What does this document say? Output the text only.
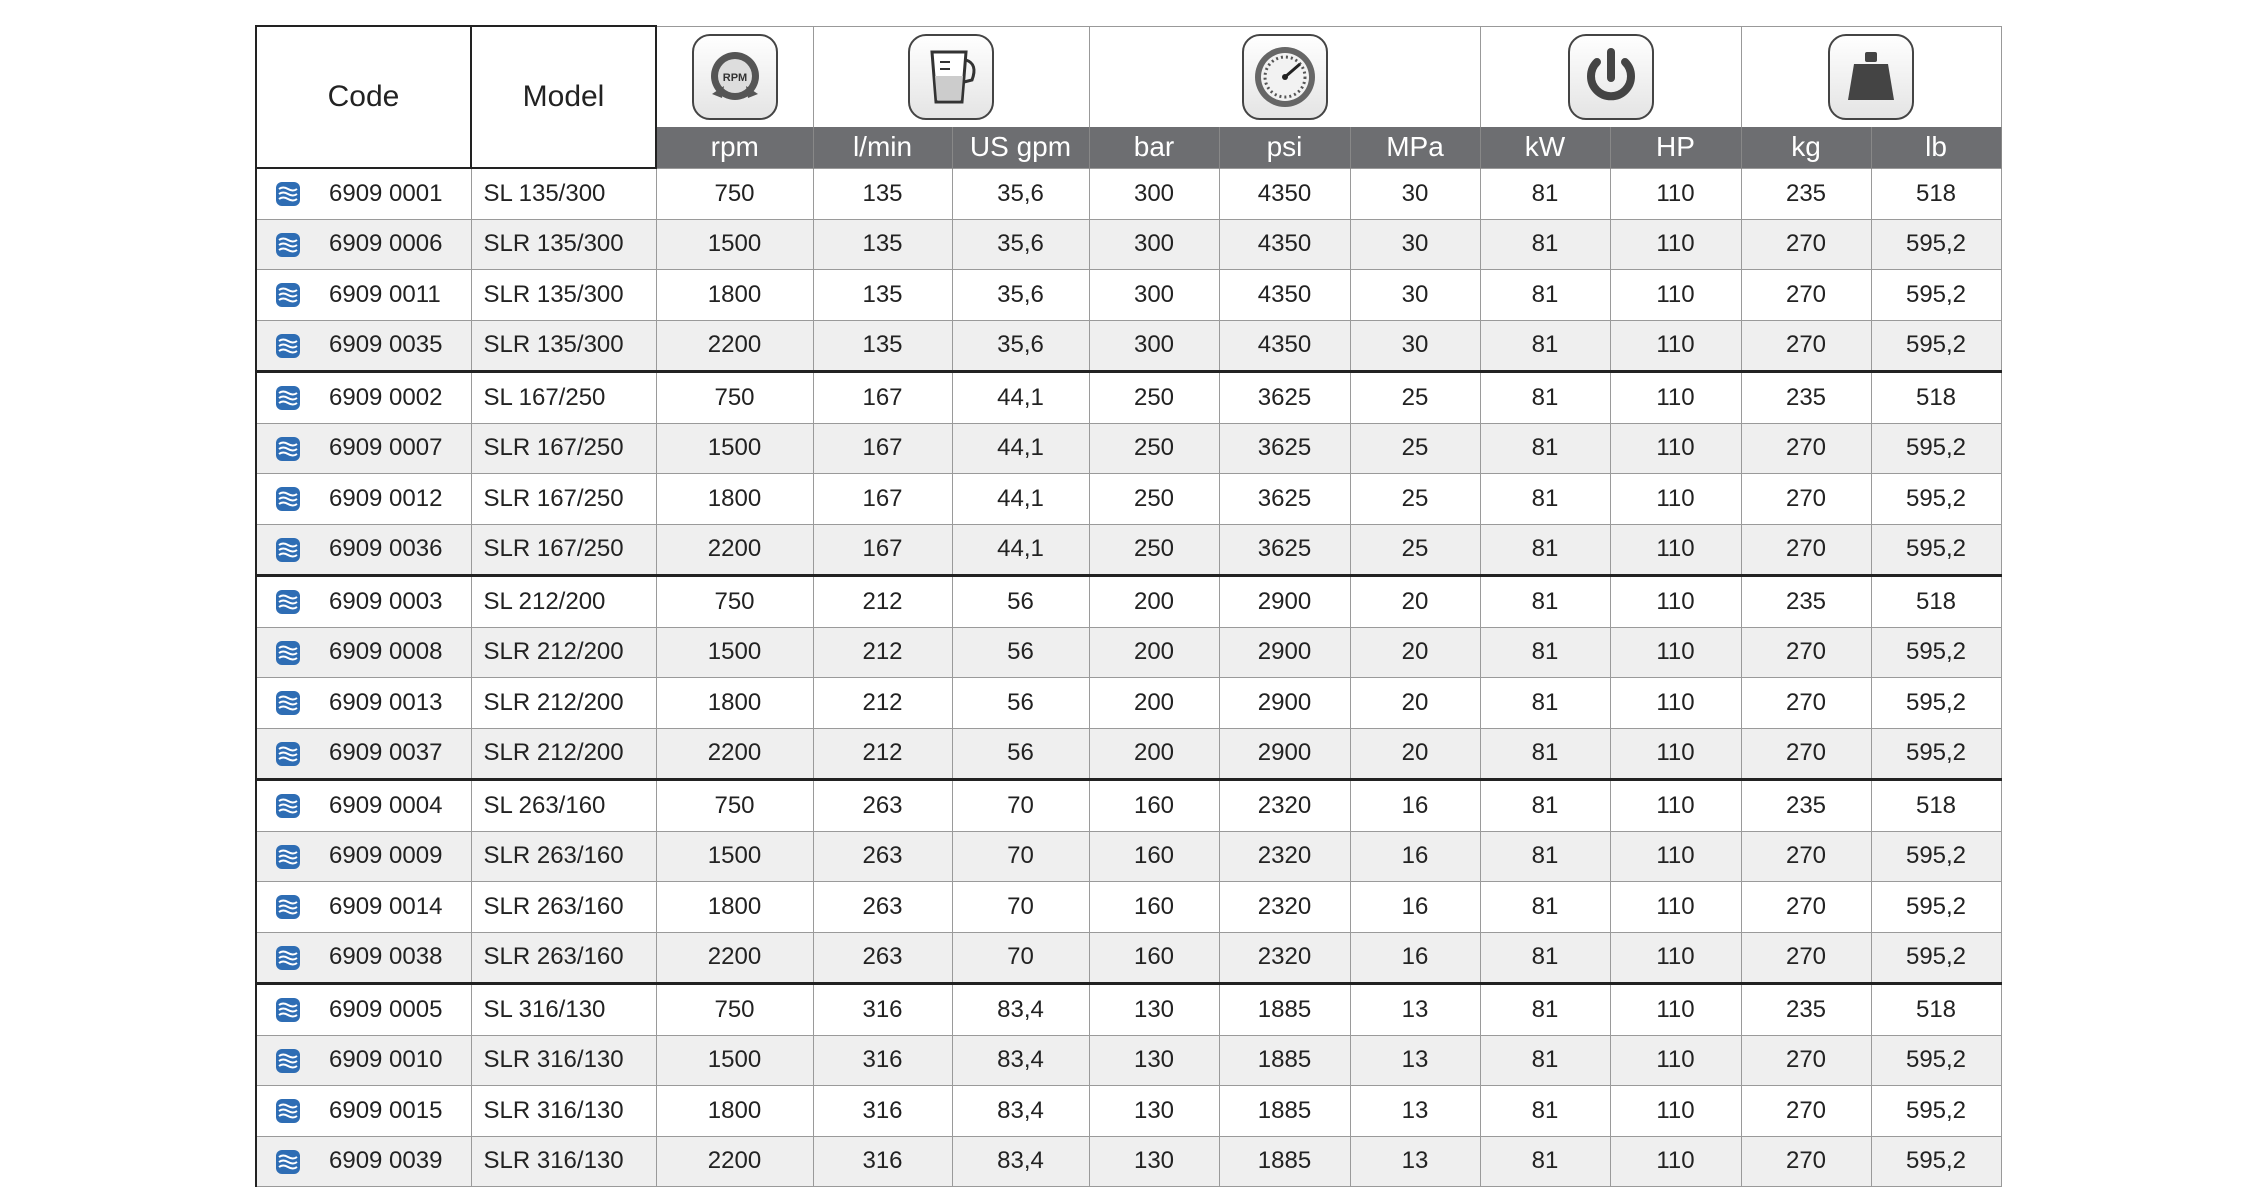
Code	Model	RPM

		rpm	l/min	US gpm	bar	psi	MPa	kW	HP	kg	lb

6909 0001	SL 135/300	750	135	35,6	300	4350	30	81	110	235	518

6909 0006	SLR 135/300	1500	135	35,6	300	4350	30	81	110	270	595,2

6909 0011	SLR 135/300	1800	135	35,6	300	4350	30	81	110	270	595,2

6909 0035	SLR 135/300	2200	135	35,6	300	4350	30	81	110	270	595,2

6909 0002	SL 167/250	750	167	44,1	250	3625	25	81	110	235	518

6909 0007	SLR 167/250	1500	167	44,1	250	3625	25	81	110	270	595,2

6909 0012	SLR 167/250	1800	167	44,1	250	3625	25	81	110	270	595,2

6909 0036	SLR 167/250	2200	167	44,1	250	3625	25	81	110	270	595,2

6909 0003	SL 212/200	750	212	56	200	2900	20	81	110	235	518

6909 0008	SLR 212/200	1500	212	56	200	2900	20	81	110	270	595,2

6909 0013	SLR 212/200	1800	212	56	200	2900	20	81	110	270	595,2

6909 0037	SLR 212/200	2200	212	56	200	2900	20	81	110	270	595,2

6909 0004	SL 263/160	750	263	70	160	2320	16	81	110	235	518

6909 0009	SLR 263/160	1500	263	70	160	2320	16	81	110	270	595,2

6909 0014	SLR 263/160	1800	263	70	160	2320	16	81	110	270	595,2

6909 0038	SLR 263/160	2200	263	70	160	2320	16	81	110	270	595,2

6909 0005	SL 316/130	750	316	83,4	130	1885	13	81	110	235	518

6909 0010	SLR 316/130	1500	316	83,4	130	1885	13	81	110	270	595,2

6909 0015	SLR 316/130	1800	316	83,4	130	1885	13	81	110	270	595,2

6909 0039	SLR 316/130	2200	316	83,4	130	1885	13	81	110	270	595,2
